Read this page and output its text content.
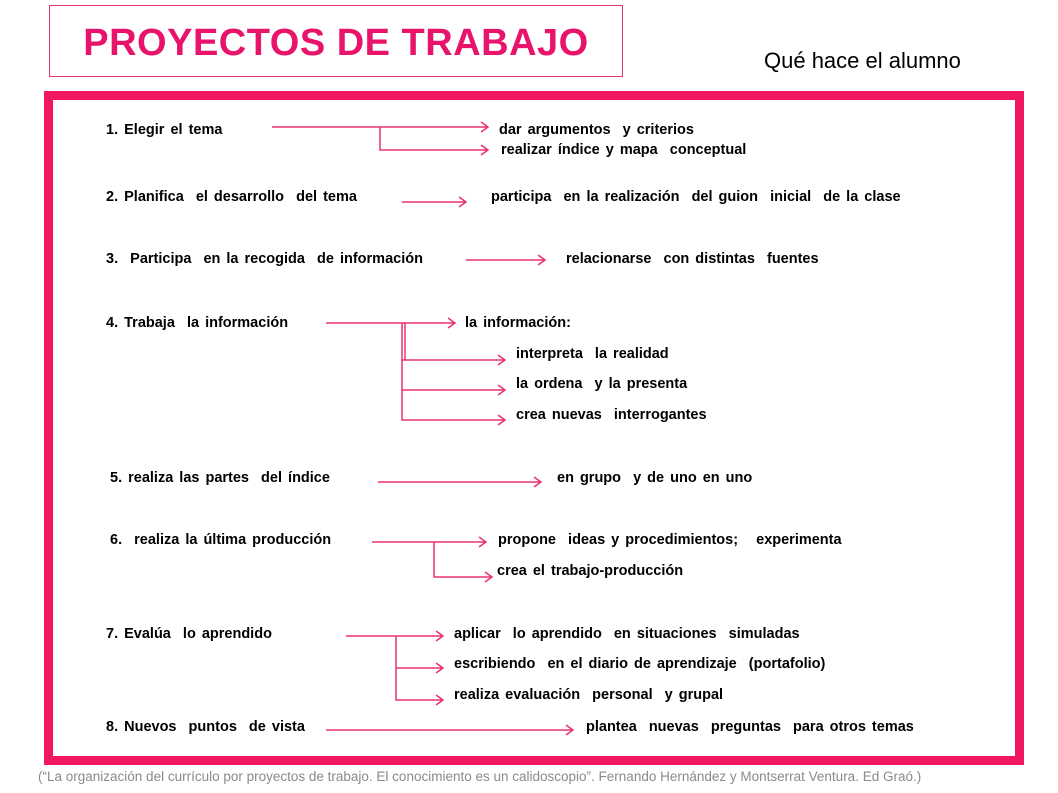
PROYECTOS DE TRABAJO	Qué hace el alumno
1. Elegir el tema	dar argumentos  y criterios
realizar índice y mapa  conceptual
2. Planifica  el desarrollo  del tema	participa  en la realización  del guion  inicial  de la clase
3.  Participa  en la recogida  de información	relacionarse  con distintas  fuentes
4. Trabaja  la información	la información:
interpreta  la realidad
la ordena  y la presenta
crea nuevas  interrogantes
5. realiza las partes  del índice	en grupo  y de uno en uno
6.  realiza la última producción	propone  ideas y procedimientos;   experimenta
crea el trabajo-producción
7. Evalúa  lo aprendido	aplicar  lo aprendido  en situaciones  simuladas
escribiendo  en el diario de aprendizaje  (portafolio)
realiza evaluación  personal  y grupal
8. Nuevos  puntos  de vista	plantea  nuevas  preguntas  para otros temas
(“La organización del currículo por proyectos de trabajo. El conocimiento es un calidoscopio”. Fernando Hernández y Montserrat Ventura. Ed Graó.)
